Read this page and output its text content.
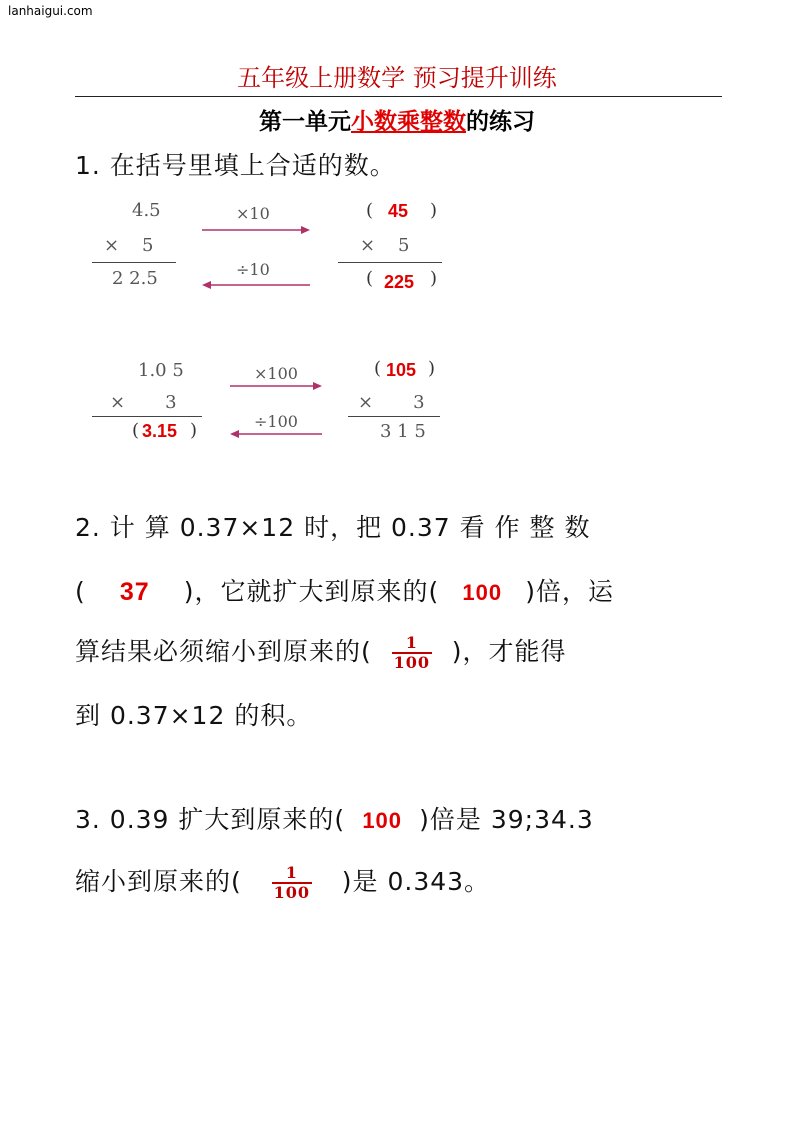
lanhaigui.com
五年级上册数学 预习提升训练
第一单元小数乘整数的练习
1. 在括号里填上合适的数。
4.5
×    5
2 2.5
×10
÷10
( 45 )
×    5
( 225 )
1.0 5
×       3
( 3.15 )
×100
÷100
( 105 )
×       3
3 1 5
2. 计 算 0.37×12 时，把 0.37 看 作 整 数
( 37 )，它就扩大到原来的( 100 )倍，运
算结果必须缩小到原来的( $\frac{1}{100}$ )，才能得
到 0.37×12 的积。
3. 0.39 扩大到原来的( 100 )倍是 39;34.3
缩小到原来的( $\frac{1}{100}$ )是 0.343。
